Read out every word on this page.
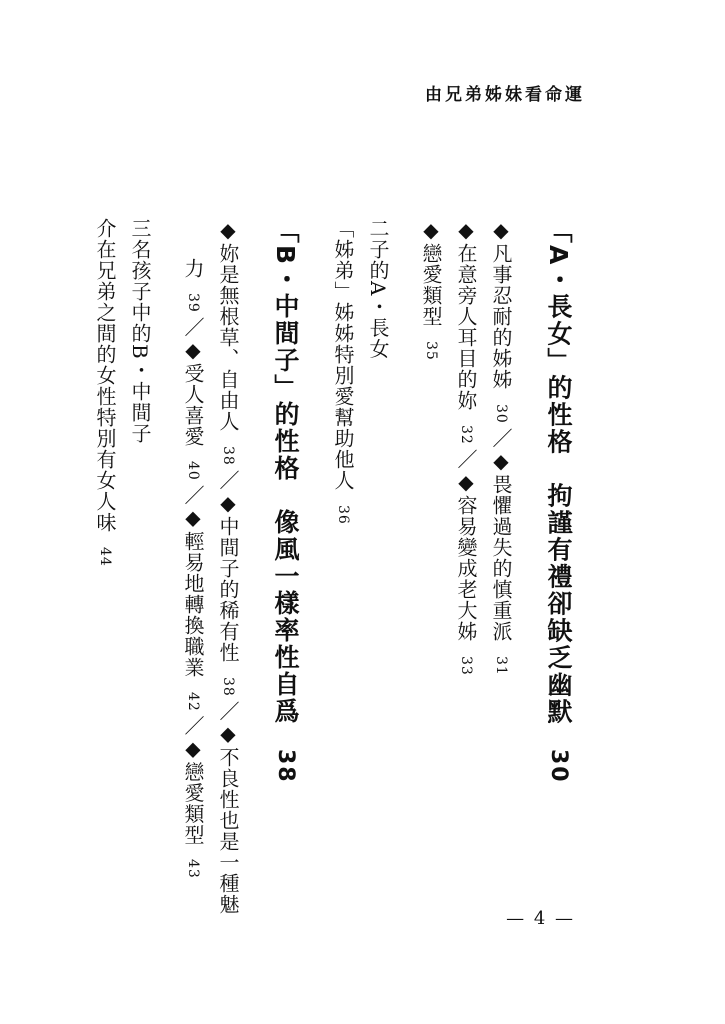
由兄弟姊妹看命運

「A・長女」的性格　拘謹有禮卻缺乏幽默30

◆凡事忍耐的姊姊30／◆畏懼過失的慎重派31

◆在意旁人耳目的妳32／◆容易變成老大姊33

◆戀愛類型35

二子的A・長女

「姊弟」姊姊特別愛幫助他人36

「B・中間子」的性格　像風一樣率性自爲38

◆妳是無根草、自由人38／◆中間子的稀有性38／◆不良性也是一種魅

力39／◆受人喜愛40／◆輕易地轉換職業42／◆戀愛類型43

三名孩子中的B・中間子

介在兄弟之間的女性特別有女人味44

— 4 —
